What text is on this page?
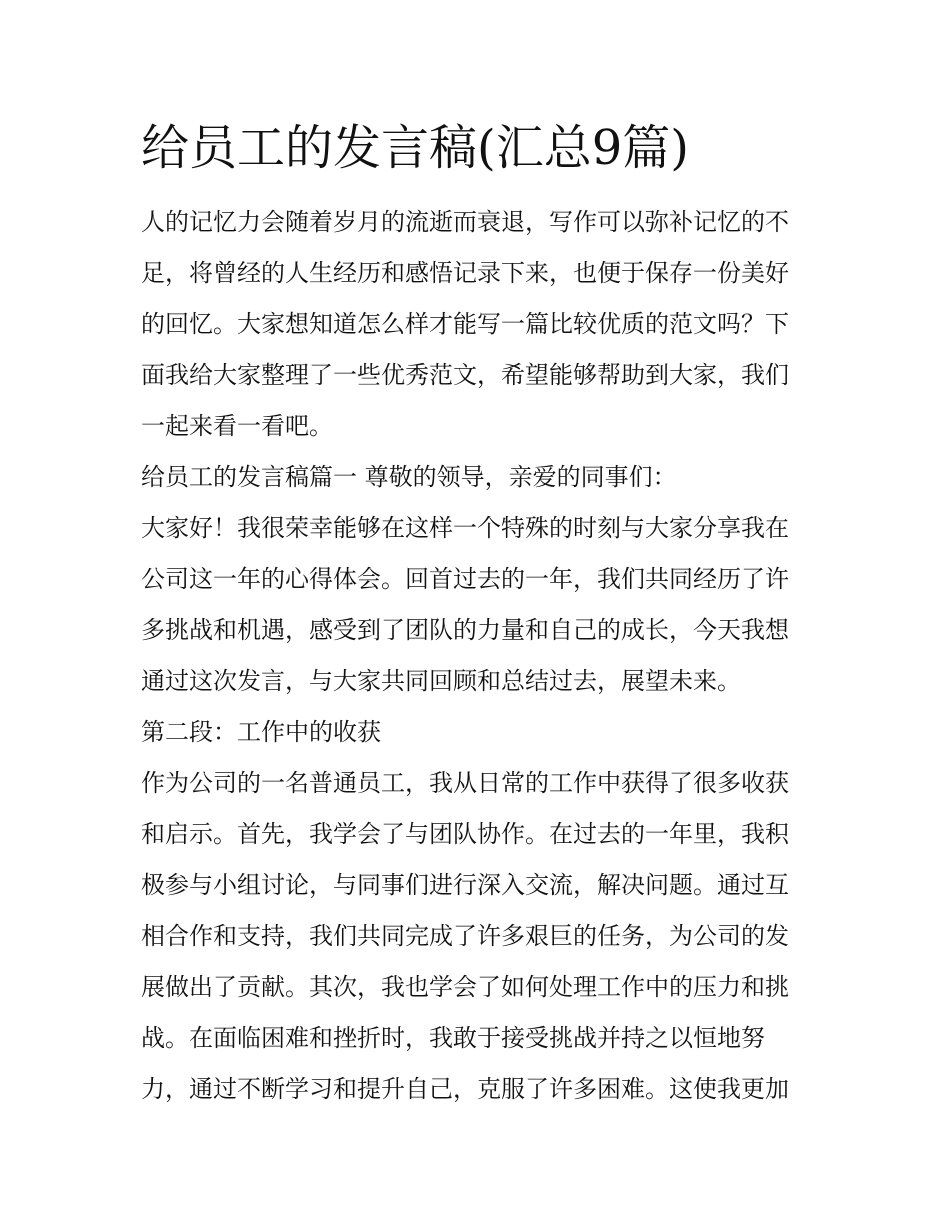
给员工的发言稿(汇总9篇)
人的记忆力会随着岁月的流逝而衰退，写作可以弥补记忆的不
足，将曾经的人生经历和感悟记录下来，也便于保存一份美好
的回忆。大家想知道怎么样才能写一篇比较优质的范文吗？下
面我给大家整理了一些优秀范文，希望能够帮助到大家，我们
一起来看一看吧。
给员工的发言稿篇一 尊敬的领导，亲爱的同事们：
大家好！我很荣幸能够在这样一个特殊的时刻与大家分享我在
公司这一年的心得体会。回首过去的一年，我们共同经历了许
多挑战和机遇，感受到了团队的力量和自己的成长，今天我想
通过这次发言，与大家共同回顾和总结过去，展望未来。
第二段：工作中的收获
作为公司的一名普通员工，我从日常的工作中获得了很多收获
和启示。首先，我学会了与团队协作。在过去的一年里，我积
极参与小组讨论，与同事们进行深入交流，解决问题。通过互
相合作和支持，我们共同完成了许多艰巨的任务，为公司的发
展做出了贡献。其次，我也学会了如何处理工作中的压力和挑
战。在面临困难和挫折时，我敢于接受挑战并持之以恒地努
力，通过不断学习和提升自己，克服了许多困难。这使我更加
